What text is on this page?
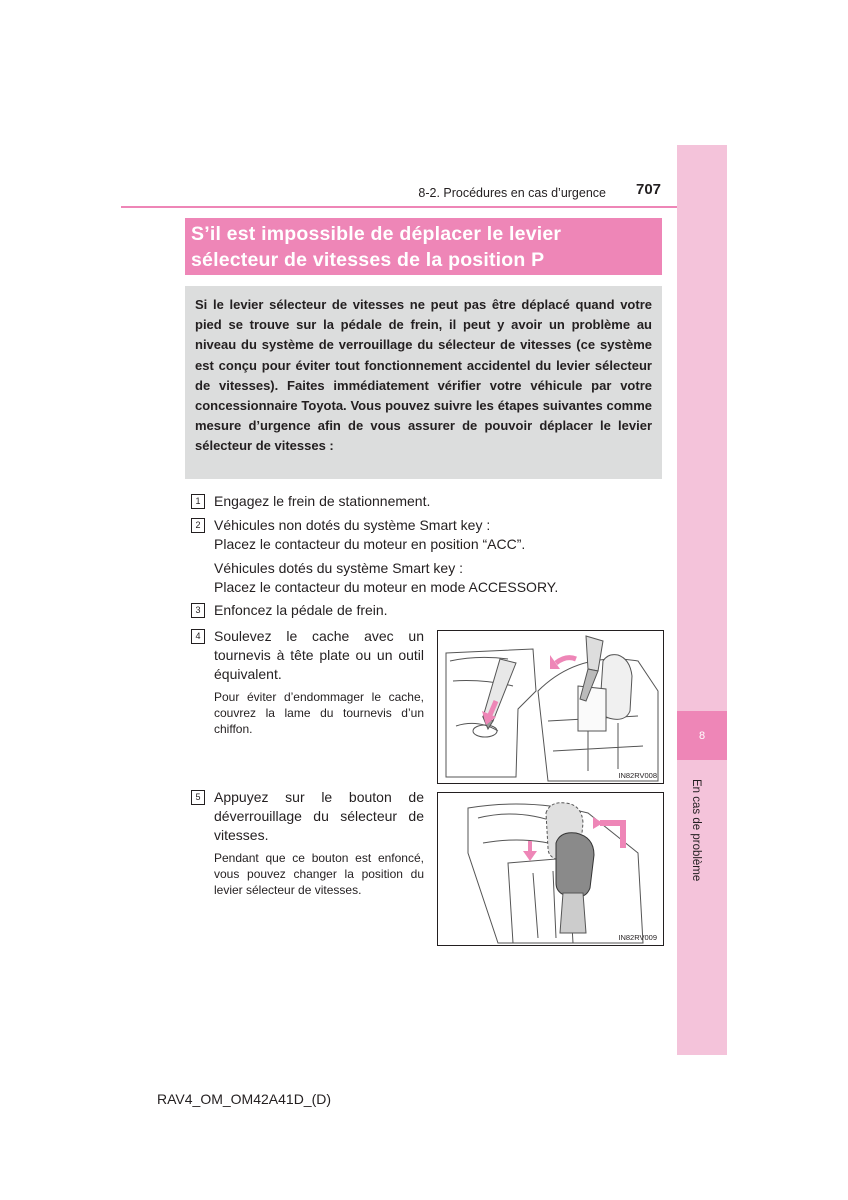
8
En cas de problème
8-2. Procédures en cas d’urgence 707
S’il est impossible de déplacer le levier
sélecteur de vitesses de la position P
Si le levier sélecteur de vitesses ne peut pas être déplacé quand votre pied se trouve sur la pédale de frein, il peut y avoir un problème au niveau du système de verrouillage du sélecteur de vitesses (ce système est conçu pour éviter tout fonctionnement accidentel du levier sélecteur de vitesses). Faites immédiatement vérifier votre véhicule par votre concessionnaire Toyota. Vous pouvez suivre les étapes suivantes comme mesure d’urgence afin de vous assurer de pouvoir déplacer le levier sélecteur de vitesses :
1 Engagez le frein de stationnement.
2 Véhicules non dotés du système Smart key :
Placez le contacteur du moteur en position “ACC”.
Véhicules dotés du système Smart key :
Placez le contacteur du moteur en mode ACCESSORY.
3 Enfoncez la pédale de frein.
4 Soulevez le cache avec un tournevis à tête plate ou un outil équivalent.
Pour éviter d’endommager le cache, couvrez la lame du tournevis d’un chiffon.
IN82RV008
5 Appuyez sur le bouton de déverrouillage du sélecteur de vitesses.
Pendant que ce bouton est enfoncé, vous pouvez changer la position du levier sélecteur de vitesses.
IN82RV009
RAV4_OM_OM42A41D_(D)
